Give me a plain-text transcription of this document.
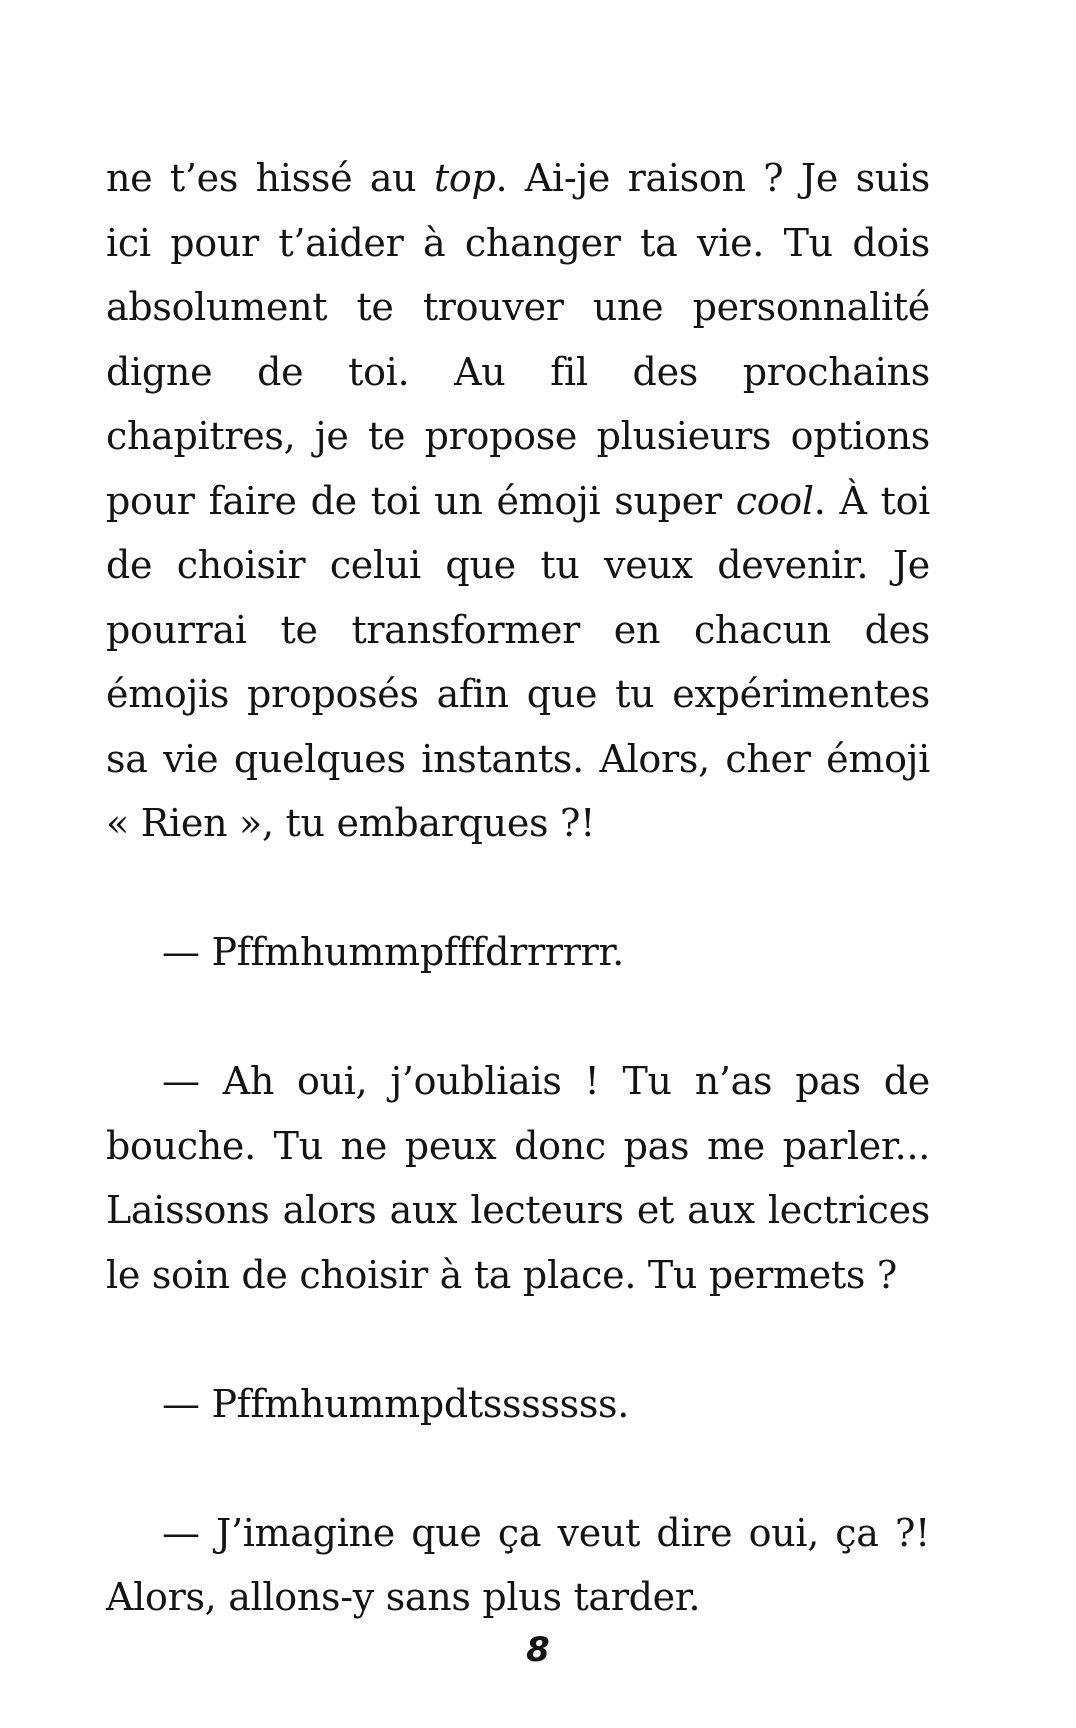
ne t’es hissé au top. Ai-je raison ? Je suis ici pour t’aider à changer ta vie. Tu dois absolument te trouver une personnalité digne de toi. Au fil des prochains chapitres, je te propose plusieurs options pour faire de toi un émoji super cool. À toi de choisir celui que tu veux devenir. Je pourrai te transformer en chacun des émojis proposés afin que tu expérimentes sa vie quelques instants. Alors, cher émoji « Rien », tu embarques ?!

— Pffmhummpfffdrrrrrr.

— Ah oui, j’oubliais ! Tu n’as pas de bouche. Tu ne peux donc pas me parler... Laissons alors aux lecteurs et aux lectrices le soin de choisir à ta place. Tu permets ?

— Pffmhummpdtsssssss.

— J’imagine que ça veut dire oui, ça ?! Alors, allons-y sans plus tarder.

8
